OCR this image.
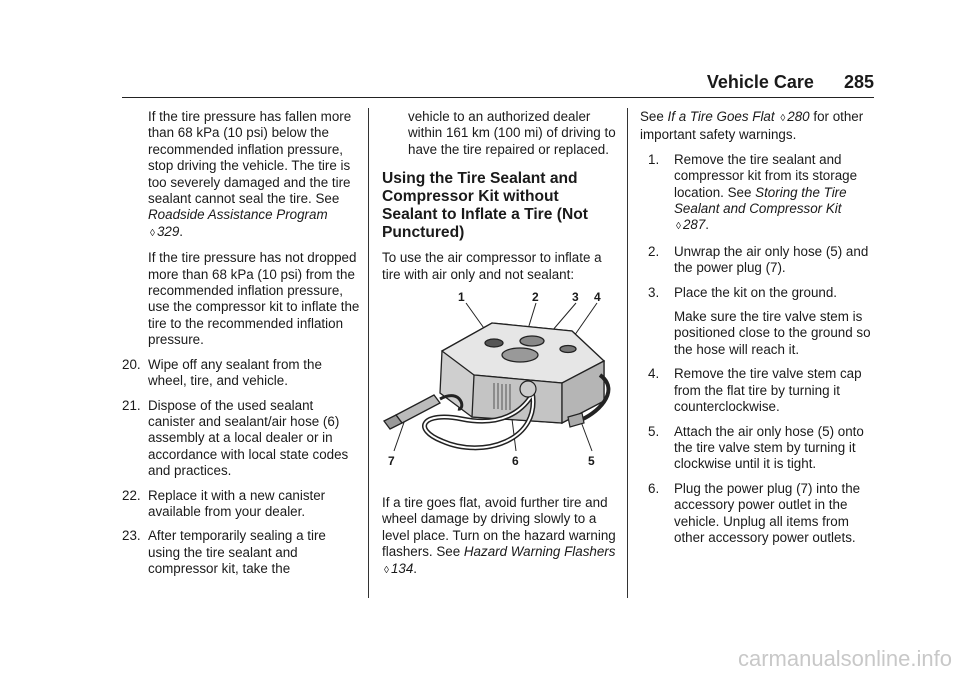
Vehicle Care 285

If the tire pressure has fallen more than 68 kPa (10 psi) below the recommended inflation pressure, stop driving the vehicle. The tire is too severely damaged and the tire sealant cannot seal the tire. See Roadside Assistance Program ◊ 329.

If the tire pressure has not dropped more than 68 kPa (10 psi) from the recommended inflation pressure, use the compressor kit to inflate the tire to the recommended inflation pressure.

20. Wipe off any sealant from the wheel, tire, and vehicle.
21. Dispose of the used sealant canister and sealant/air hose (6) assembly at a local dealer or in accordance with local state codes and practices.
22. Replace it with a new canister available from your dealer.
23. After temporarily sealing a tire using the tire sealant and compressor kit, take the

vehicle to an authorized dealer within 161 km (100 mi) of driving to have the tire repaired or replaced.

Using the Tire Sealant and Compressor Kit without Sealant to Inflate a Tire (Not Punctured)

To use the air compressor to inflate a tire with air only and not sealant:

1	2	3 4
5
6
7

If a tire goes flat, avoid further tire and wheel damage by driving slowly to a level place. Turn on the hazard warning flashers. See Hazard Warning Flashers ◊ 134.

See If a Tire Goes Flat ◊ 280 for other important safety warnings.

1.	Remove the tire sealant and compressor kit from its storage location. See Storing the Tire Sealant and Compressor Kit
◊ 287.
2.	Unwrap the air only hose (5) and the power plug (7).
3.	Place the kit on the ground.

Make sure the tire valve stem is positioned close to the ground so the hose will reach it.

4.	Remove the tire valve stem cap from the flat tire by turning it counterclockwise.
5.	Attach the air only hose (5) onto the tire valve stem by turning it clockwise until it is tight.
6.	Plug the power plug (7) into the accessory power outlet in the vehicle. Unplug all items from other accessory power outlets.
carmanualsonline.info
